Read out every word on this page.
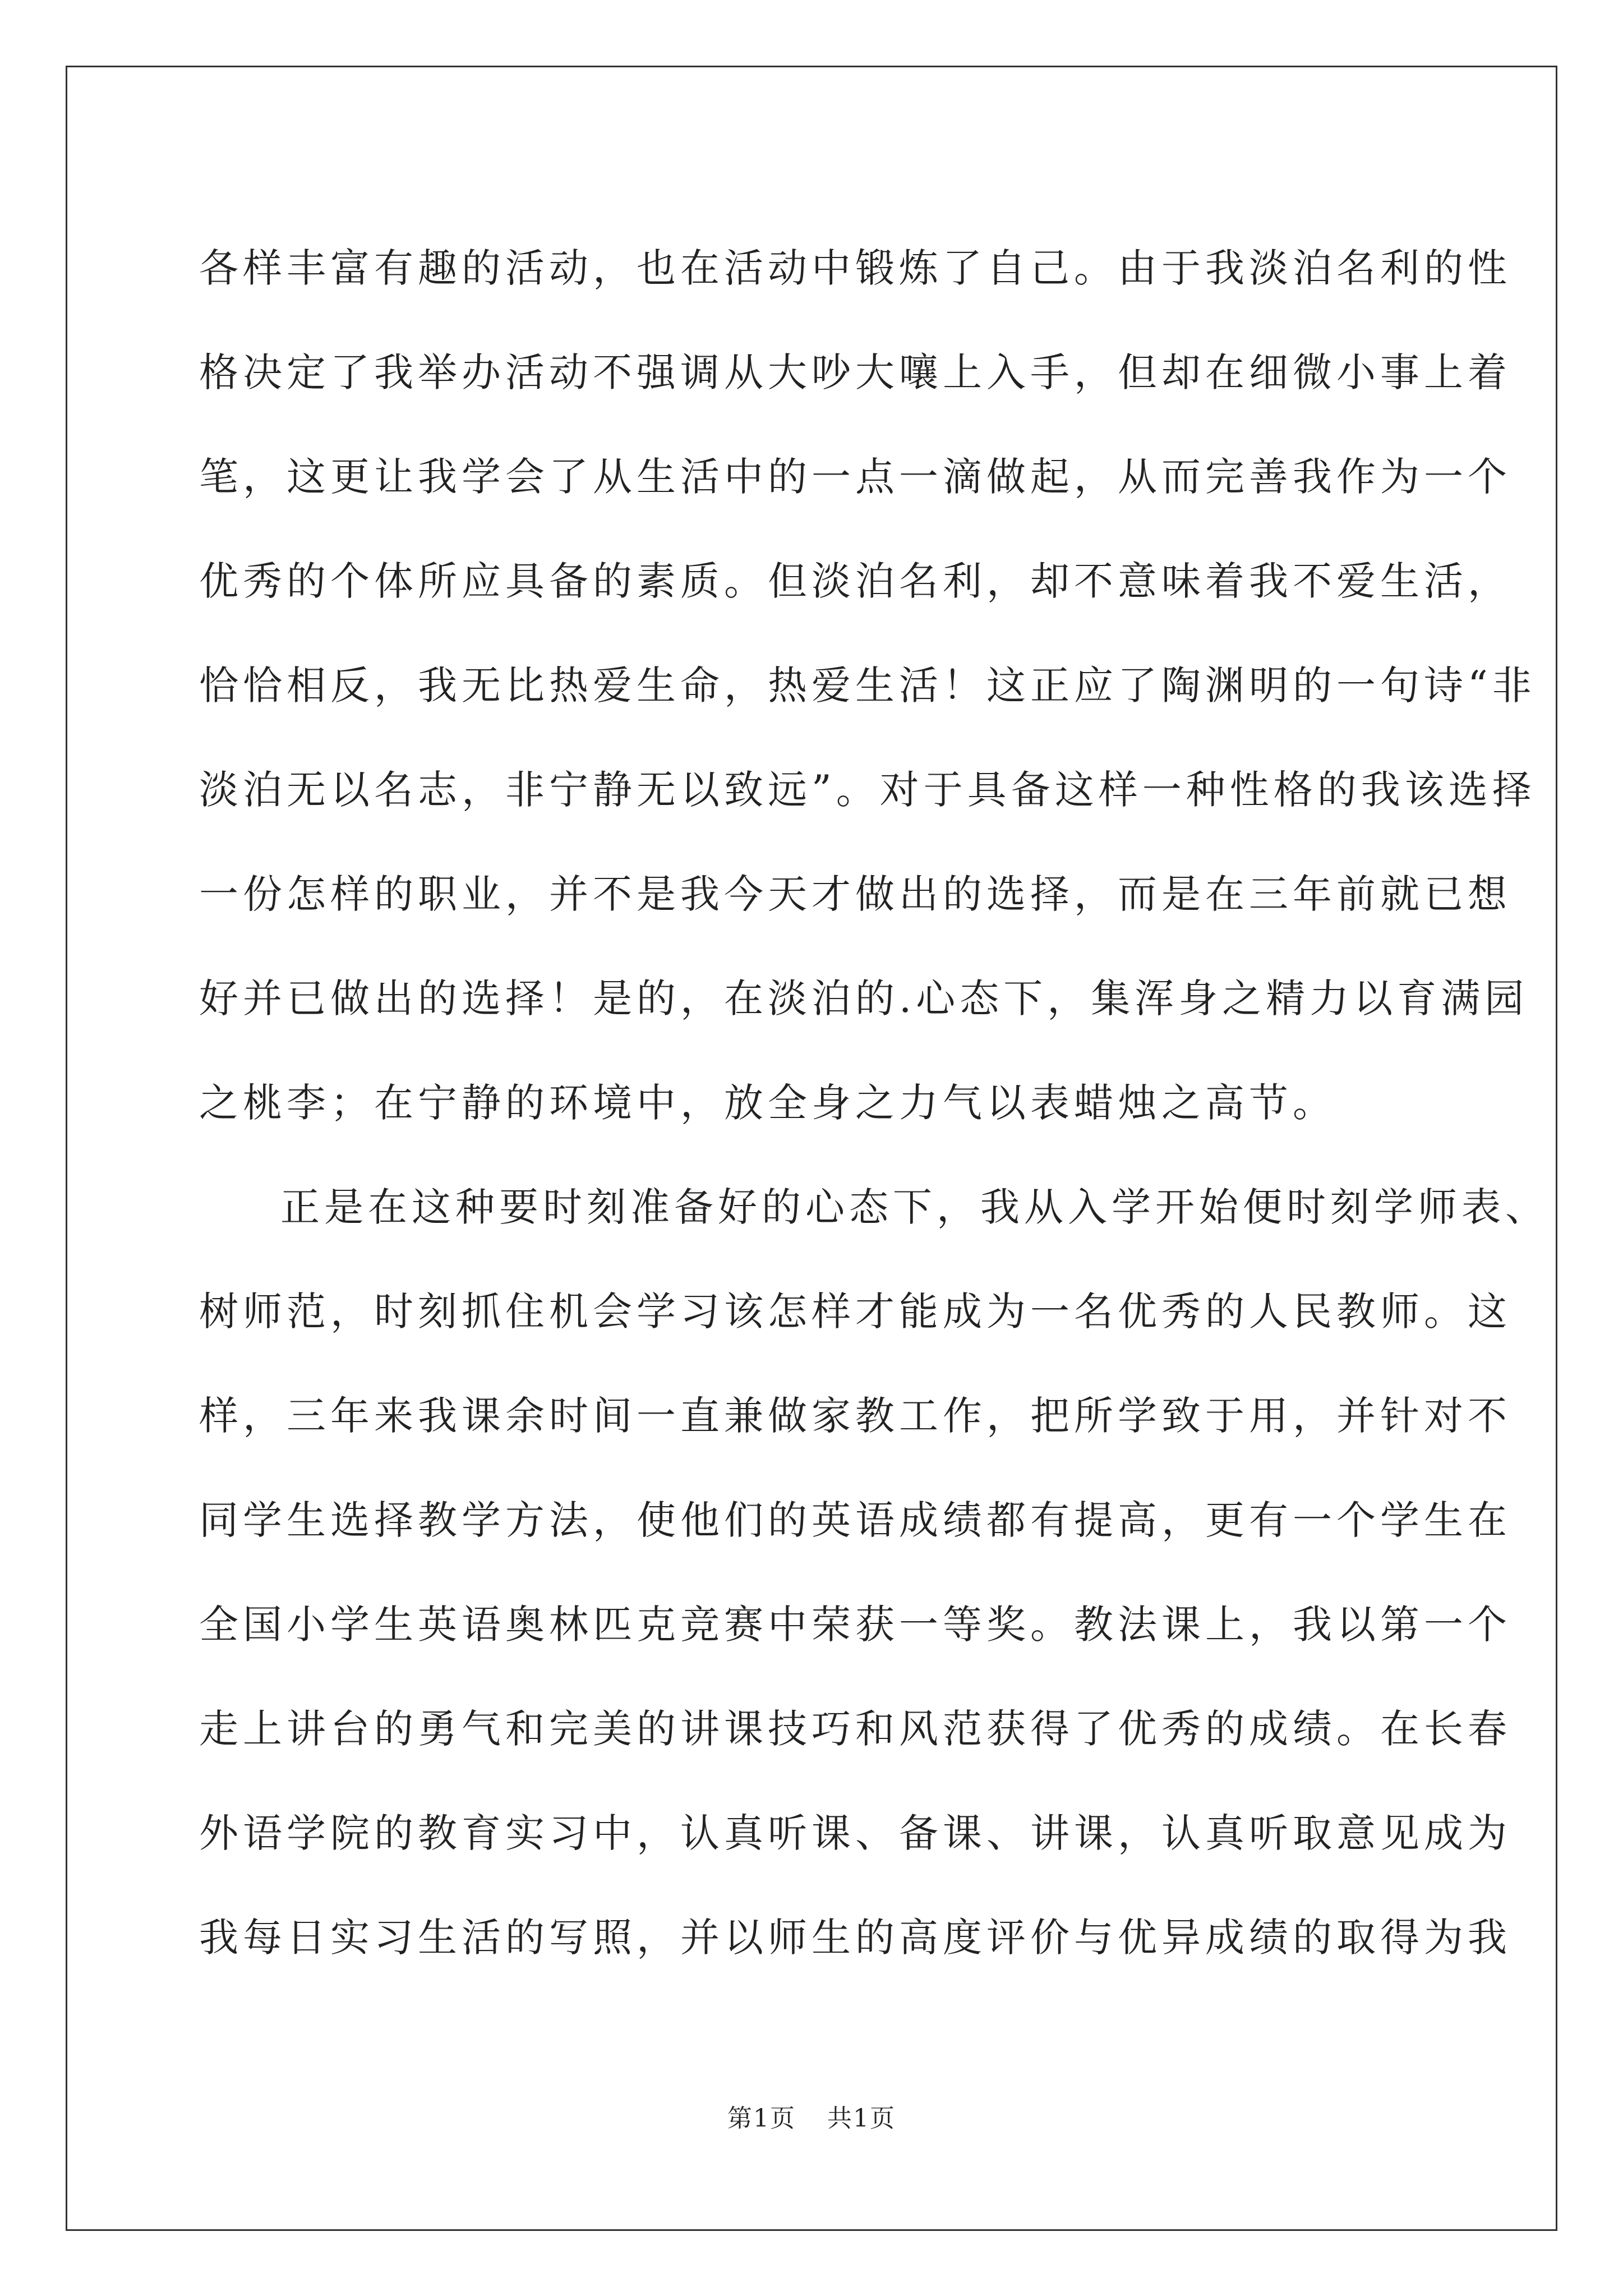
各样丰富有趣的活动，也在活动中锻炼了自己。由于我淡泊名利的性
格决定了我举办活动不强调从大吵大嚷上入手，但却在细微小事上着
笔，这更让我学会了从生活中的一点一滴做起，从而完善我作为一个
优秀的个体所应具备的素质。但淡泊名利，却不意味着我不爱生活，
恰恰相反，我无比热爱生命，热爱生活！这正应了陶渊明的一句诗“非
淡泊无以名志，非宁静无以致远”。对于具备这样一种性格的我该选择
一份怎样的职业，并不是我今天才做出的选择，而是在三年前就已想
好并已做出的选择！是的，在淡泊的.心态下，集浑身之精力以育满园
之桃李；在宁静的环境中，放全身之力气以表蜡烛之高节。
正是在这种要时刻准备好的心态下，我从入学开始便时刻学师表、
树师范，时刻抓住机会学习该怎样才能成为一名优秀的人民教师。这
样，三年来我课余时间一直兼做家教工作，把所学致于用，并针对不
同学生选择教学方法，使他们的英语成绩都有提高，更有一个学生在
全国小学生英语奥林匹克竞赛中荣获一等奖。教法课上，我以第一个
走上讲台的勇气和完美的讲课技巧和风范获得了优秀的成绩。在长春
外语学院的教育实习中，认真听课、备课、讲课，认真听取意见成为
我每日实习生活的写照，并以师生的高度评价与优异成绩的取得为我
第1页 共1页
